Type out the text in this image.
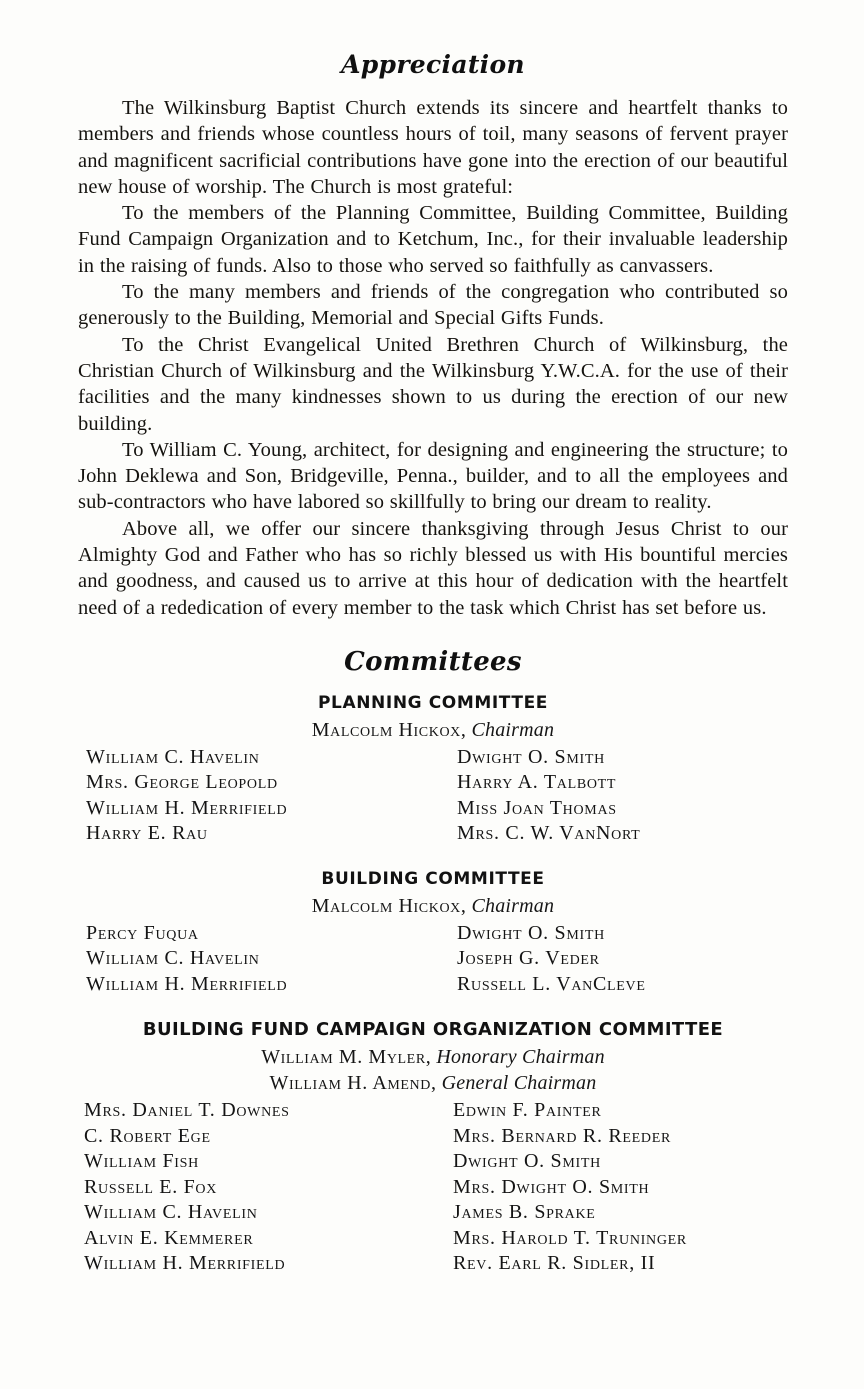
Appreciation

The Wilkinsburg Baptist Church extends its sincere and heartfelt thanks to members and friends whose countless hours of toil, many seasons of fervent prayer and magnificent sacrificial contributions have gone into the erection of our beautiful new house of worship. The Church is most grateful:

To the members of the Planning Committee, Building Committee, Building Fund Campaign Organization and to Ketchum, Inc., for their invaluable leadership in the raising of funds. Also to those who served so faithfully as canvassers.

To the many members and friends of the congregation who contributed so generously to the Building, Memorial and Special Gifts Funds.

To the Christ Evangelical United Brethren Church of Wilkinsburg, the Christian Church of Wilkinsburg and the Wilkinsburg Y.W.C.A. for the use of their facilities and the many kindnesses shown to us during the erection of our new building.

To William C. Young, architect, for designing and engineering the structure; to John Deklewa and Son, Bridgeville, Penna., builder, and to all the employees and sub-contractors who have labored so skillfully to bring our dream to reality.

Above all, we offer our sincere thanksgiving through Jesus Christ to our Almighty God and Father who has so richly blessed us with His bountiful mercies and goodness, and caused us to arrive at this hour of dedication with the heartfelt need of a rededication of every member to the task which Christ has set before us.

Committees
PLANNING COMMITTEE
Malcolm Hickox, Chairman
William C. Havelin
Mrs. George Leopold
William H. Merrifield
Harry E. Rau
Dwight O. Smith
Harry A. Talbott
Miss Joan Thomas
Mrs. C. W. VanNort
BUILDING COMMITTEE
Malcolm Hickox, Chairman
Percy Fuqua
William C. Havelin
William H. Merrifield
Dwight O. Smith
Joseph G. Veder
Russell L. VanCleve
BUILDING FUND CAMPAIGN ORGANIZATION COMMITTEE
William M. Myler, Honorary Chairman
William H. Amend, General Chairman
Mrs. Daniel T. Downes
C. Robert Ege
William Fish
Russell E. Fox
William C. Havelin
Alvin E. Kemmerer
William H. Merrifield
Edwin F. Painter
Mrs. Bernard R. Reeder
Dwight O. Smith
Mrs. Dwight O. Smith
James B. Sprake
Mrs. Harold T. Truninger
Rev. Earl R. Sidler, II
